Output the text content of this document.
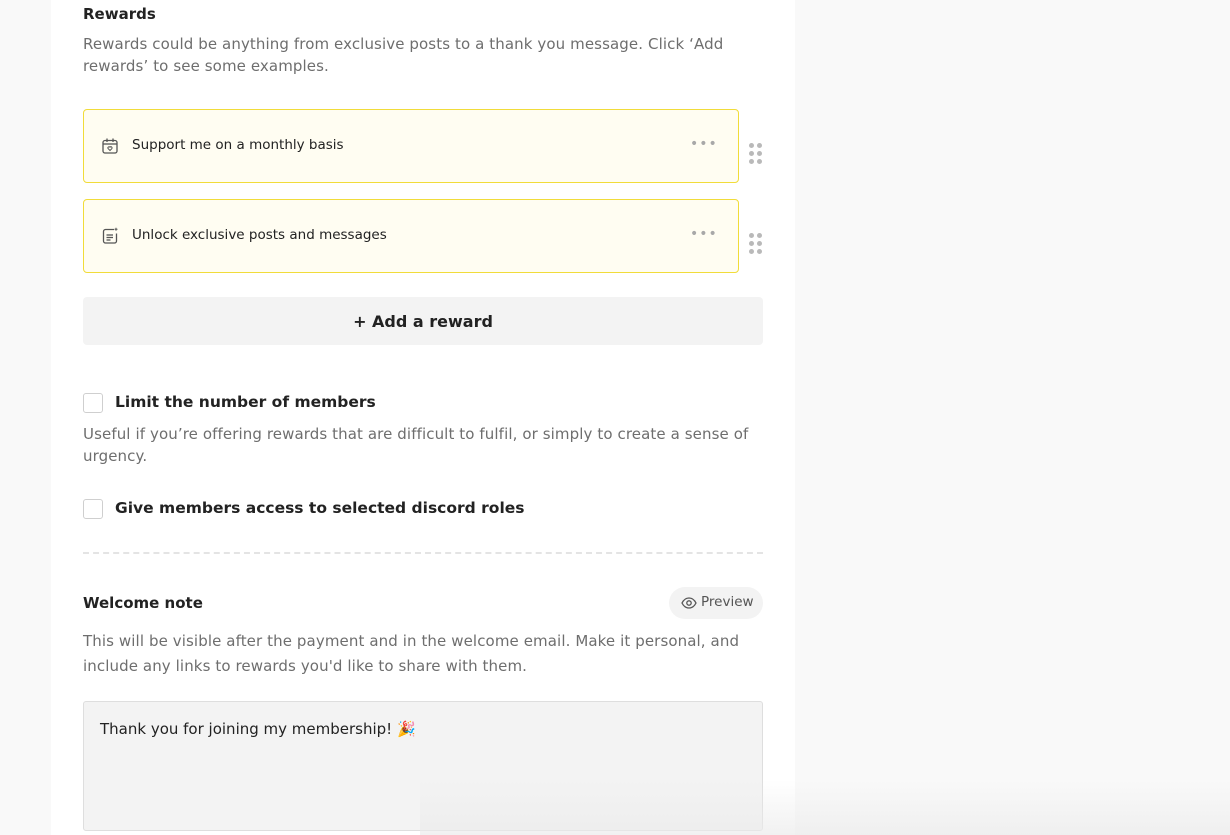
Rewards
Rewards could be anything from exclusive posts to a thank you message. Click ‘Add rewards’ to see some examples.
Support me on a monthly basis	•••
Unlock exclusive posts and messages	•••
+ Add a reward
Limit the number of members
Useful if you’re offering rewards that are difficult to fulfil, or simply to create a sense of urgency.
Give members access to selected discord roles
Welcome note	Preview
This will be visible after the payment and in the welcome email. Make it personal, and include any links to rewards you'd like to share with them.
Thank you for joining my membership! 🎉
